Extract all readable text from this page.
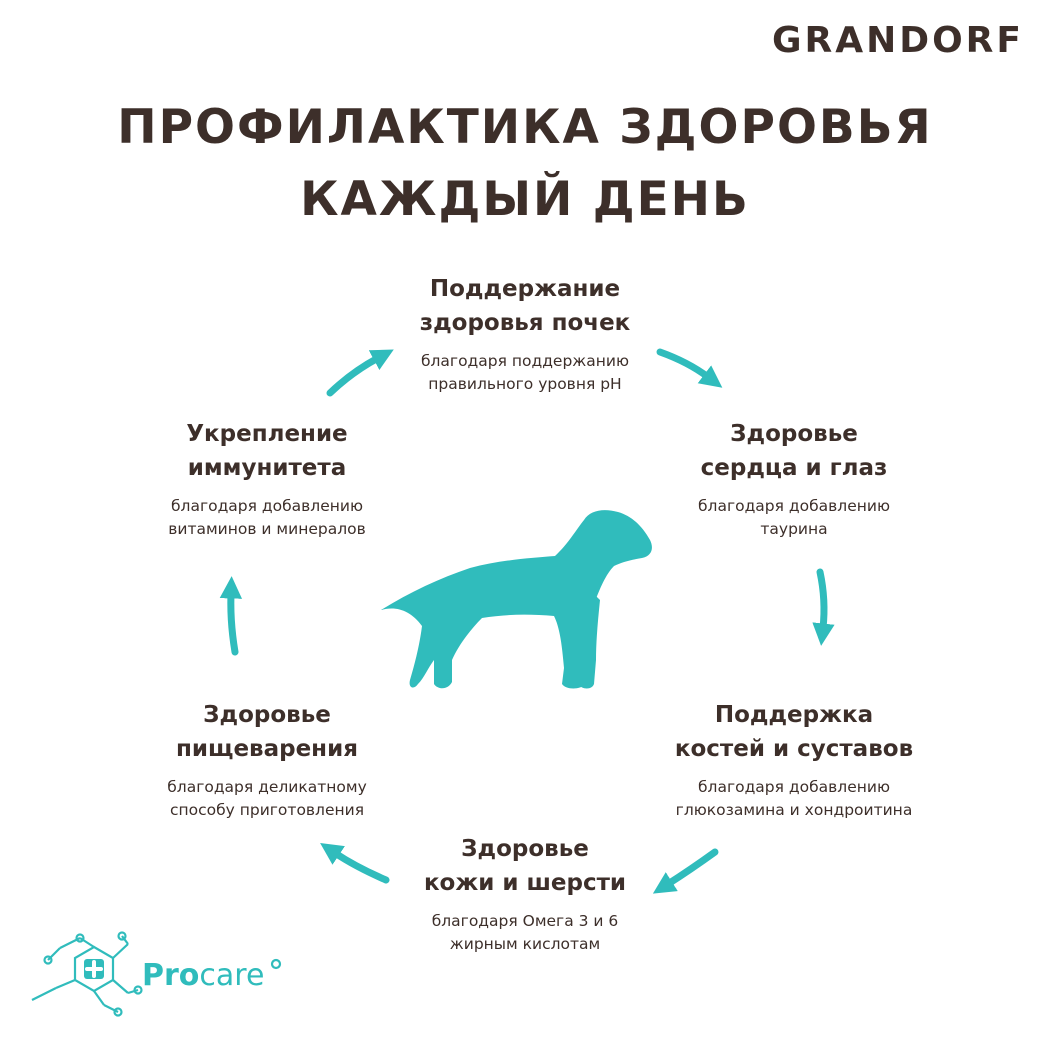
GRANDORF
ПРОФИЛАКТИКА ЗДОРОВЬЯ
КАЖДЫЙ ДЕНЬ
Поддержание
здоровья почек
благодаря поддержанию
правильного уровня pH
Здоровье
сердца и глаз
благодаря добавлению
таурина
Поддержка
костей и суставов
благодаря добавлению
глюкозамина и хондроитина
Здоровье
кожи и шерсти
благодаря Омега 3 и 6
жирным кислотам
Здоровье
пищеварения
благодаря деликатному
способу приготовления
Укрепление
иммунитета
благодаря добавлению
витаминов и минералов
Procare
